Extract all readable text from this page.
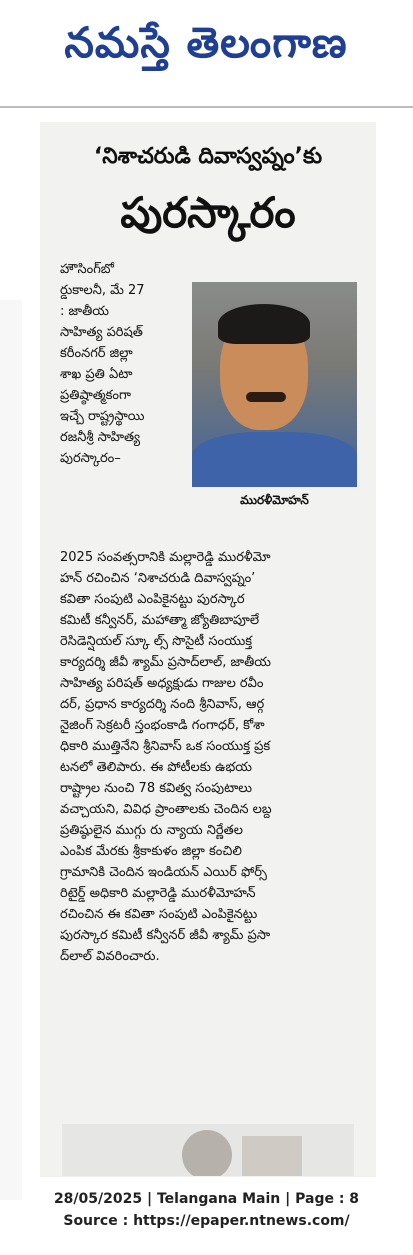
నమస్తే తెలంగాణ
‘నిశాచరుడి దివాస్వప్నం’కు
పురస్కారం
మురళీమోహన్
హౌసింగ్‌బో
ర్డుకాలనీ, మే 27
: జాతీయ
సాహిత్య పరిషత్
కరీంనగర్ జిల్లా
శాఖ ప్రతి ఏటా
ప్రతిష్ఠాత్మకంగా
ఇచ్చే రాష్ట్రస్థాయి
రజనీశ్రీ సాహిత్య
పురస్కారం–
2025 సంవత్సరానికి మల్లారెడ్డి మురళీమో
హన్ రచించిన ‘నిశాచరుడి దివాస్వప్నం’
కవితా సంపుటి ఎంపికైనట్టు పురస్కార
కమిటీ కన్వీనర్, మహాత్మా జ్యోతిబాపూలే
రెసిడెన్షియల్ స్కూ ల్స్ సొసైటీ సంయుక్త
కార్యదర్శి జీవీ శ్యామ్ ప్రసాద్‌లాల్, జాతీయ
సాహిత్య పరిషత్ అధ్యక్షుడు గాజుల రవీం
దర్, ప్రధాన కార్యదర్శి నంది శ్రీనివాస్, ఆర్గ
నైజింగ్ సెక్రటరీ స్తంభంకాడి గంగాధర్, కోశా
ధికారి ముత్తినేని శ్రీనివాస్ ఒక సంయుక్త ప్రక
టనలో తెలిపారు. ఈ పోటీలకు ఉభయ
రాష్ట్రాల నుంచి 78 కవిత్వ సంపుటాలు
వచ్చాయని, వివిధ ప్రాంతాలకు చెందిన లబ్ద
ప్రతిష్ఠులైన ముగ్గు రు న్యాయ నిర్ణేతల
ఎంపిక మేరకు శ్రీకాకుళం జిల్లా కంచిలి
గ్రామానికి చెందిన ఇండియన్ ఎయిర్ ఫోర్స్
రిటైర్డ్ అధికారి మల్లారెడ్డి మురళీమోహన్
రచించిన ఈ కవితా సంపుటి ఎంపికైనట్టు
పురస్కార కమిటీ కన్వీనర్ జీవీ శ్యామ్ ప్రసా
ద్‌లాల్ వివరించారు.
28/05/2025 | Telangana Main | Page : 8
Source : https://epaper.ntnews.com/
